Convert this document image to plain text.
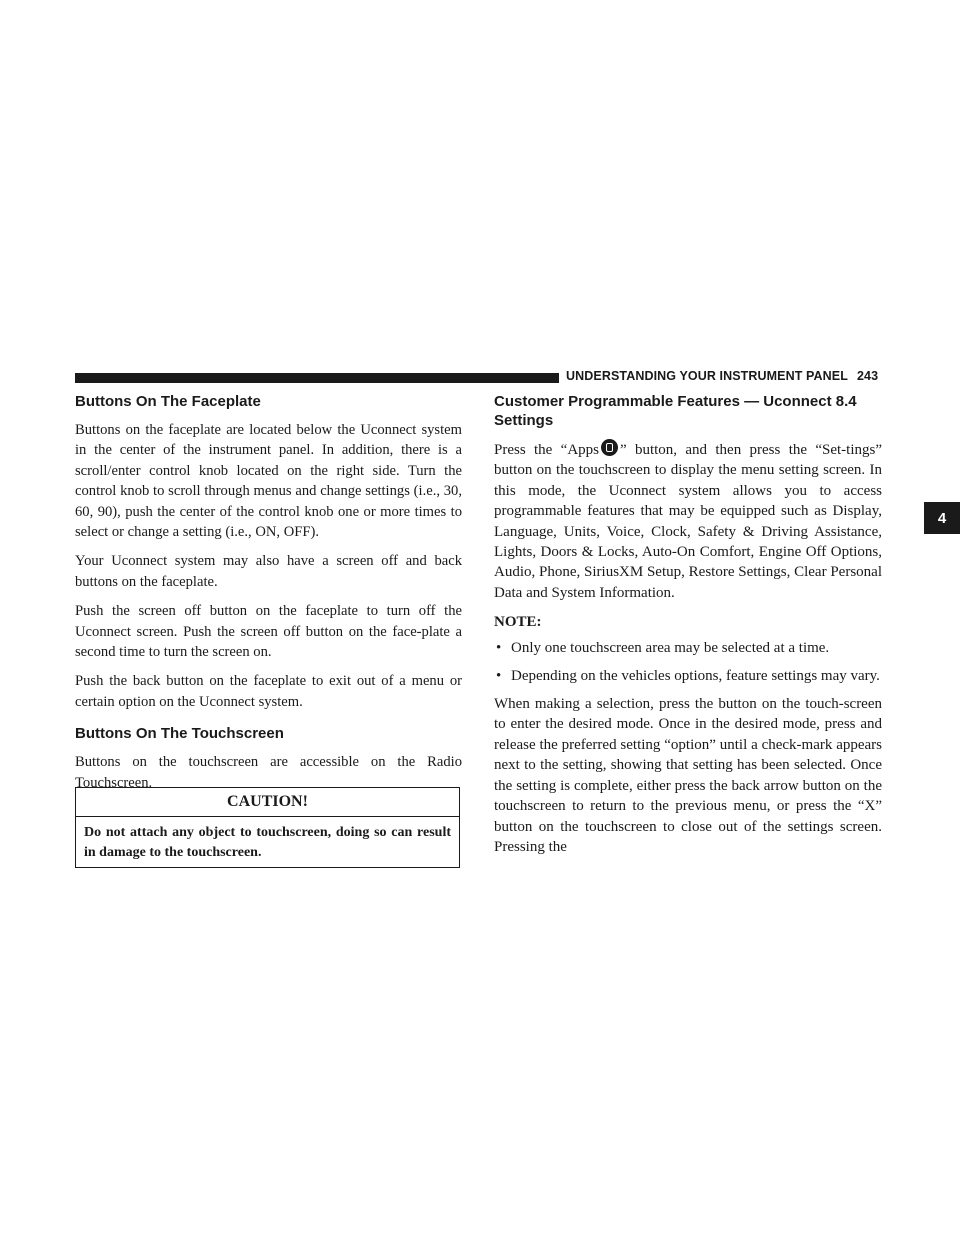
UNDERSTANDING YOUR INSTRUMENT PANEL 243
4
Buttons On The Faceplate

Buttons on the faceplate are located below the Uconnect system in the center of the instrument panel. In addition, there is a scroll/enter control knob located on the right side. Turn the control knob to scroll through menus and change settings (i.e., 30, 60, 90), push the center of the control knob one or more times to select or change a setting (i.e., ON, OFF).

Your Uconnect system may also have a screen off and back buttons on the faceplate.

Push the screen off button on the faceplate to turn off the Uconnect screen. Push the screen off button on the face-plate a second time to turn the screen on.

Push the back button on the faceplate to exit out of a menu or certain option on the Uconnect system.

Buttons On The Touchscreen

Buttons on the touchscreen are accessible on the Radio Touchscreen.

CAUTION!
Do not attach any object to touchscreen, doing so can result in damage to the touchscreen.
Customer Programmable Features — Uconnect 8.4 Settings

Press the “Apps ” button, and then press the “Set-tings” button on the touchscreen to display the menu setting screen. In this mode, the Uconnect system allows you to access programmable features that may be equipped such as Display, Language, Units, Voice, Clock, Safety & Driving Assistance, Lights, Doors & Locks, Auto-On Comfort, Engine Off Options, Audio, Phone, SiriusXM Setup, Restore Settings, Clear Personal Data and System Information.

NOTE:
• Only one touchscreen area may be selected at a time.
• Depending on the vehicles options, feature settings may vary.

When making a selection, press the button on the touch-screen to enter the desired mode. Once in the desired mode, press and release the preferred setting “option” until a check-mark appears next to the setting, showing that setting has been selected. Once the setting is complete, either press the back arrow button on the touchscreen to return to the previous menu, or press the “X” button on the touchscreen to close out of the settings screen. Pressing the
